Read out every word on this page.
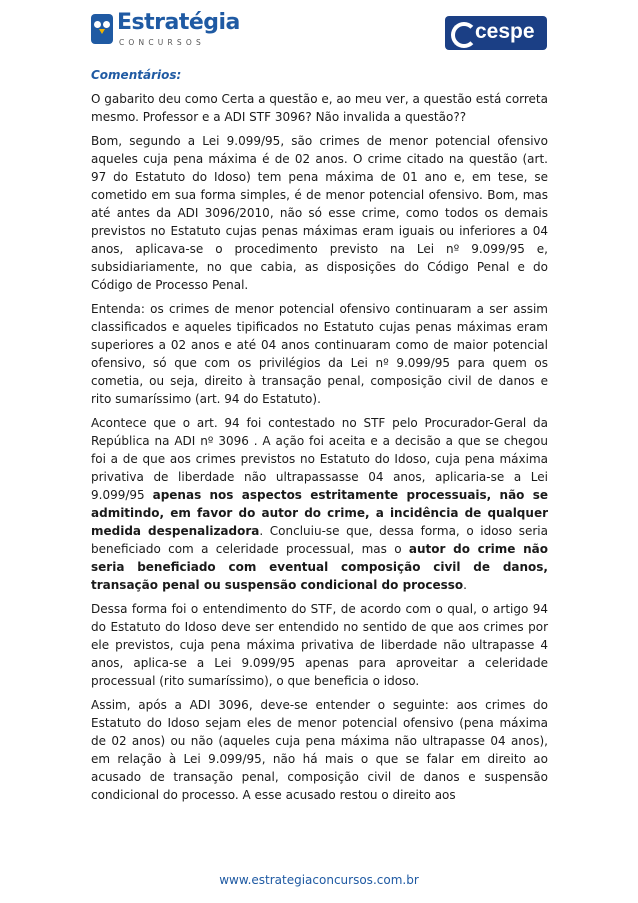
Estratégia
CONCURSOS	cespe
Comentários:

O gabarito deu como Certa a questão e, ao meu ver, a questão está correta mesmo. Professor e a ADI STF 3096? Não invalida a questão??

Bom, segundo a Lei 9.099/95, são crimes de menor potencial ofensivo aqueles cuja pena máxima é de 02 anos. O crime citado na questão (art. 97 do Estatuto do Idoso) tem pena máxima de 01 ano e, em tese, se cometido em sua forma simples, é de menor potencial ofensivo. Bom, mas até antes da ADI 3096/2010, não só esse crime, como todos os demais previstos no Estatuto cujas penas máximas eram iguais ou inferiores a 04 anos, aplicava-se o procedimento previsto na Lei nº 9.099/95 e, subsidiariamente, no que cabia, as disposições do Código Penal e do Código de Processo Penal.

Entenda: os crimes de menor potencial ofensivo continuaram a ser assim classificados e aqueles tipificados no Estatuto cujas penas máximas eram superiores a 02 anos e até 04 anos continuaram como de maior potencial ofensivo, só que com os privilégios da Lei nº 9.099/95 para quem os cometia, ou seja, direito à transação penal, composição civil de danos e rito sumaríssimo (art. 94 do Estatuto).

Acontece que o art. 94 foi contestado no STF pelo Procurador-Geral da República na ADI nº 3096 . A ação foi aceita e a decisão a que se chegou foi a de que aos crimes previstos no Estatuto do Idoso, cuja pena máxima privativa de liberdade não ultrapassasse 04 anos, aplicaria-se a Lei 9.099/95 apenas nos aspectos estritamente processuais, não se admitindo, em favor do autor do crime, a incidência de qualquer medida despenalizadora. Concluiu-se que, dessa forma, o idoso seria beneficiado com a celeridade processual, mas o autor do crime não seria beneficiado com eventual composição civil de danos, transação penal ou suspensão condicional do processo.

Dessa forma foi o entendimento do STF, de acordo com o qual, o artigo 94 do Estatuto do Idoso deve ser entendido no sentido de que aos crimes por ele previstos, cuja pena máxima privativa de liberdade não ultrapasse 4 anos, aplica-se a Lei 9.099/95 apenas para aproveitar a celeridade processual (rito sumaríssimo), o que beneficia o idoso.

Assim, após a ADI 3096, deve-se entender o seguinte: aos crimes do Estatuto do Idoso sejam eles de menor potencial ofensivo (pena máxima de 02 anos) ou não (aqueles cuja pena máxima não ultrapasse 04 anos), em relação à Lei 9.099/95, não há mais o que se falar em direito ao acusado de transação penal, composição civil de danos e suspensão condicional do processo. A esse acusado restou o direito aos

www.estrategiaconcursos.com.br
